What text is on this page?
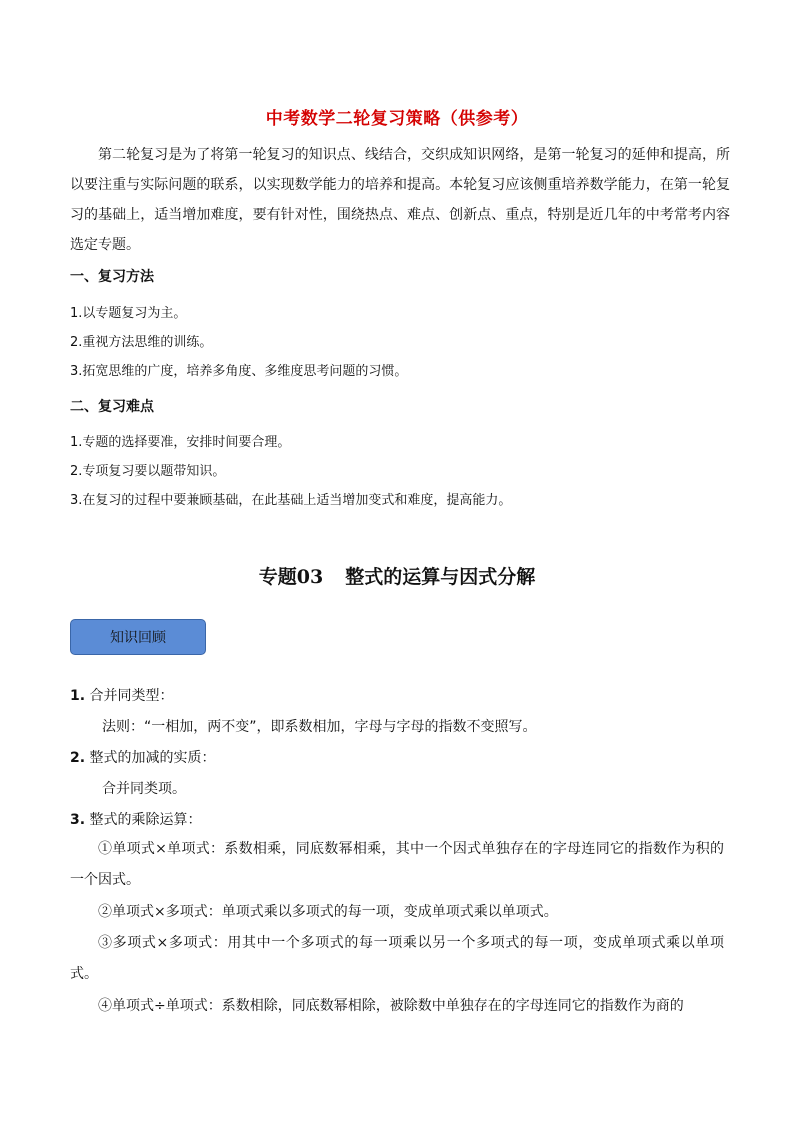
中考数学二轮复习策略（供参考）
第二轮复习是为了将第一轮复习的知识点、线结合，交织成知识网络，是第一轮复习的延伸和提高，所以要注重与实际问题的联系，以实现数学能力的培养和提高。本轮复习应该侧重培养数学能力，在第一轮复习的基础上，适当增加难度，要有针对性，围绕热点、难点、创新点、重点，特别是近几年的中考常考内容选定专题。
一、复习方法
1.以专题复习为主。
2.重视方法思维的训练。
3.拓宽思维的广度，培养多角度、多维度思考问题的习惯。
二、复习难点
1.专题的选择要准，安排时间要合理。
2.专项复习要以题带知识。
3.在复习的过程中要兼顾基础，在此基础上适当增加变式和难度，提高能力。
专题03 整式的运算与因式分解
知识回顾
1. 合并同类型：
法则：“一相加，两不变”，即系数相加，字母与字母的指数不变照写。
2. 整式的加减的实质：
合并同类项。
3. 整式的乘除运算：
①单项式×单项式：系数相乘，同底数幂相乘，其中一个因式单独存在的字母连同它的指数作为积的一个因式。
②单项式×多项式：单项式乘以多项式的每一项，变成单项式乘以单项式。
③多项式×多项式：用其中一个多项式的每一项乘以另一个多项式的每一项，变成单项式乘以单项式。
④单项式÷单项式：系数相除，同底数幂相除，被除数中单独存在的字母连同它的指数作为商的
